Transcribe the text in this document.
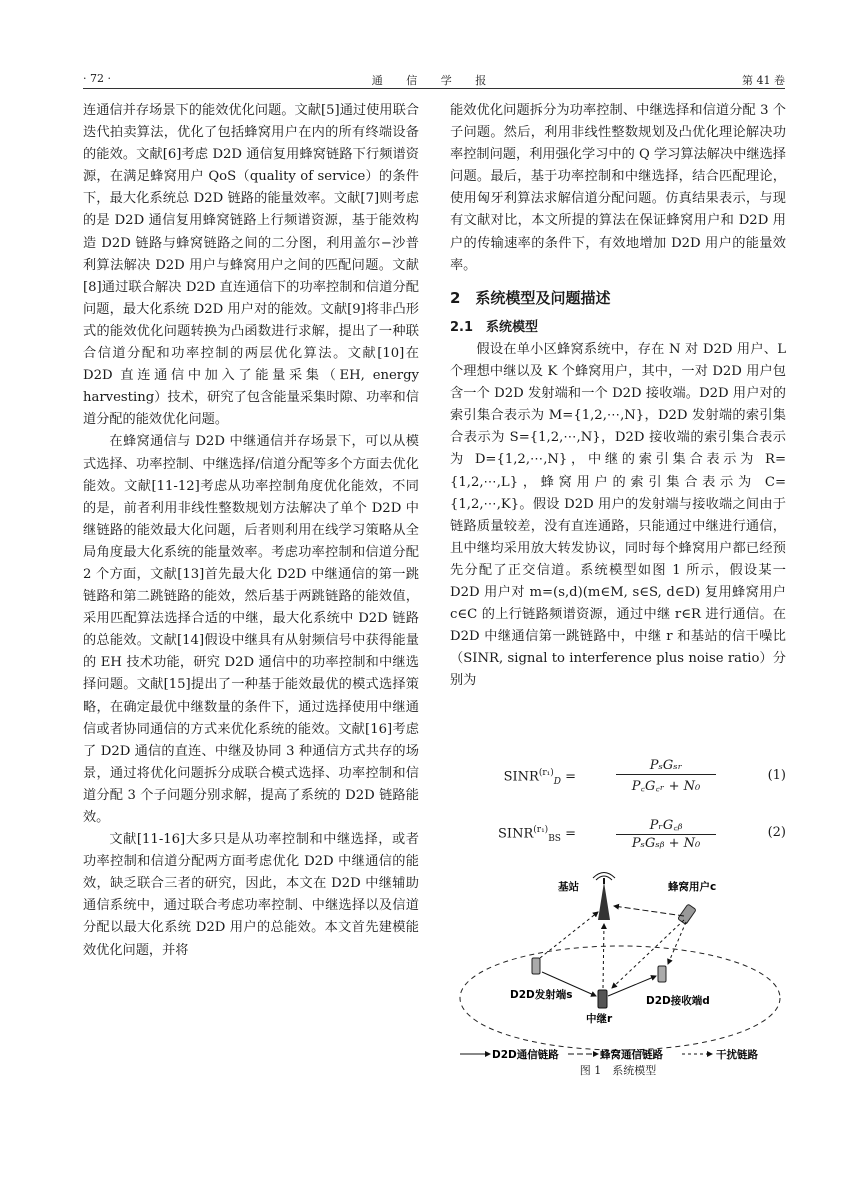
· 72 ·	通 信 学 报	第 41 卷

连通信并存场景下的能效优化问题。文献[5]通过使用联合迭代拍卖算法，优化了包括蜂窝用户在内的所有终端设备的能效。文献[6]考虑 D2D 通信复用蜂窝链路下行频谱资源，在满足蜂窝用户 QoS（quality of service）的条件下，最大化系统总 D2D 链路的能量效率。文献[7]则考虑的是 D2D 通信复用蜂窝链路上行频谱资源，基于能效构造 D2D 链路与蜂窝链路之间的二分图，利用盖尔−沙普利算法解决 D2D 用户与蜂窝用户之间的匹配问题。文献[8]通过联合解决 D2D 直连通信下的功率控制和信道分配问题，最大化系统 D2D 用户对的能效。文献[9]将非凸形式的能效优化问题转换为凸函数进行求解，提出了一种联合信道分配和功率控制的两层优化算法。文献[10]在 D2D 直连通信中加入了能量采集（EH, energy harvesting）技术，研究了包含能量采集时隙、功率和信道分配的能效优化问题。

在蜂窝通信与 D2D 中继通信并存场景下，可以从模式选择、功率控制、中继选择/信道分配等多个方面去优化能效。文献[11-12]考虑从功率控制角度优化能效，不同的是，前者利用非线性整数规划方法解决了单个 D2D 中继链路的能效最大化问题，后者则利用在线学习策略从全局角度最大化系统的能量效率。考虑功率控制和信道分配 2 个方面，文献[13]首先最大化 D2D 中继通信的第一跳链路和第二跳链路的能效，然后基于两跳链路的能效值，采用匹配算法选择合适的中继，最大化系统中 D2D 链路的总能效。文献[14]假设中继具有从射频信号中获得能量的 EH 技术功能，研究 D2D 通信中的功率控制和中继选择问题。文献[15]提出了一种基于能效最优的模式选择策略，在确定最优中继数量的条件下，通过选择使用中继通信或者协同通信的方式来优化系统的能效。文献[16]考虑了 D2D 通信的直连、中继及协同 3 种通信方式共存的场景，通过将优化问题拆分成联合模式选择、功率控制和信道分配 3 个子问题分别求解，提高了系统的 D2D 链路能效。

文献[11-16]大多只是从功率控制和中继选择，或者功率控制和信道分配两方面考虑优化 D2D 中继通信的能效，缺乏联合三者的研究，因此，本文在 D2D 中继辅助通信系统中，通过联合考虑功率控制、中继选择以及信道分配以最大化系统 D2D 用户的总能效。本文首先建模能效优化问题，并将

能效优化问题拆分为功率控制、中继选择和信道分配 3 个子问题。然后，利用非线性整数规划及凸优化理论解决功率控制问题，利用强化学习中的 Q 学习算法解决中继选择问题。最后，基于功率控制和中继选择，结合匹配理论，使用匈牙利算法求解信道分配问题。仿真结果表示，与现有文献对比，本文所提的算法在保证蜂窝用户和 D2D 用户的传输速率的条件下，有效地增加 D2D 用户的能量效率。

2　系统模型及问题描述

2.1　系统模型

假设在单小区蜂窝系统中，存在 N 对 D2D 用户、L 个理想中继以及 K 个蜂窝用户，其中，一对 D2D 用户包含一个 D2D 发射端和一个 D2D 接收端。D2D 用户对的索引集合表示为 M={1,2,⋯,N}，D2D 发射端的索引集合表示为 S={1,2,⋯,N}，D2D 接收端的索引集合表示为 D={1,2,⋯,N}，中继的索引集合表示为 R={1,2,⋯,L}，蜂窝用户的索引集合表示为 C={1,2,⋯,K}。假设 D2D 用户的发射端与接收端之间由于链路质量较差，没有直连通路，只能通过中继进行通信，且中继均采用放大转发协议，同时每个蜂窝用户都已经预先分配了正交信道。系统模型如图 1 所示，假设某一 D2D 用户对 m=(s,d)(m∈M, s∈S, d∈D) 复用蜂窝用户 c∈C 的上行链路频谱资源，通过中继 r∈R 进行通信。在 D2D 中继通信第一跳链路中，中继 r 和基站的信干噪比（SINR, signal to interference plus noise ratio）分别为

$SINR^{(r_1)}_D$ =
PₛGₛᵣ
P꜀G꜀ᵣ + N₀
(1)
$SINR^{(r_1)}_{BS}$ =
PᵣG꜀ᵦ
PₛGₛᵦ + N₀
(2)
基站	蜂窝用户c
D2D发射端s	D2D接收端d
中继r
D2D通信链路	蜂窝通信链路	干扰链路
图 1　系统模型
